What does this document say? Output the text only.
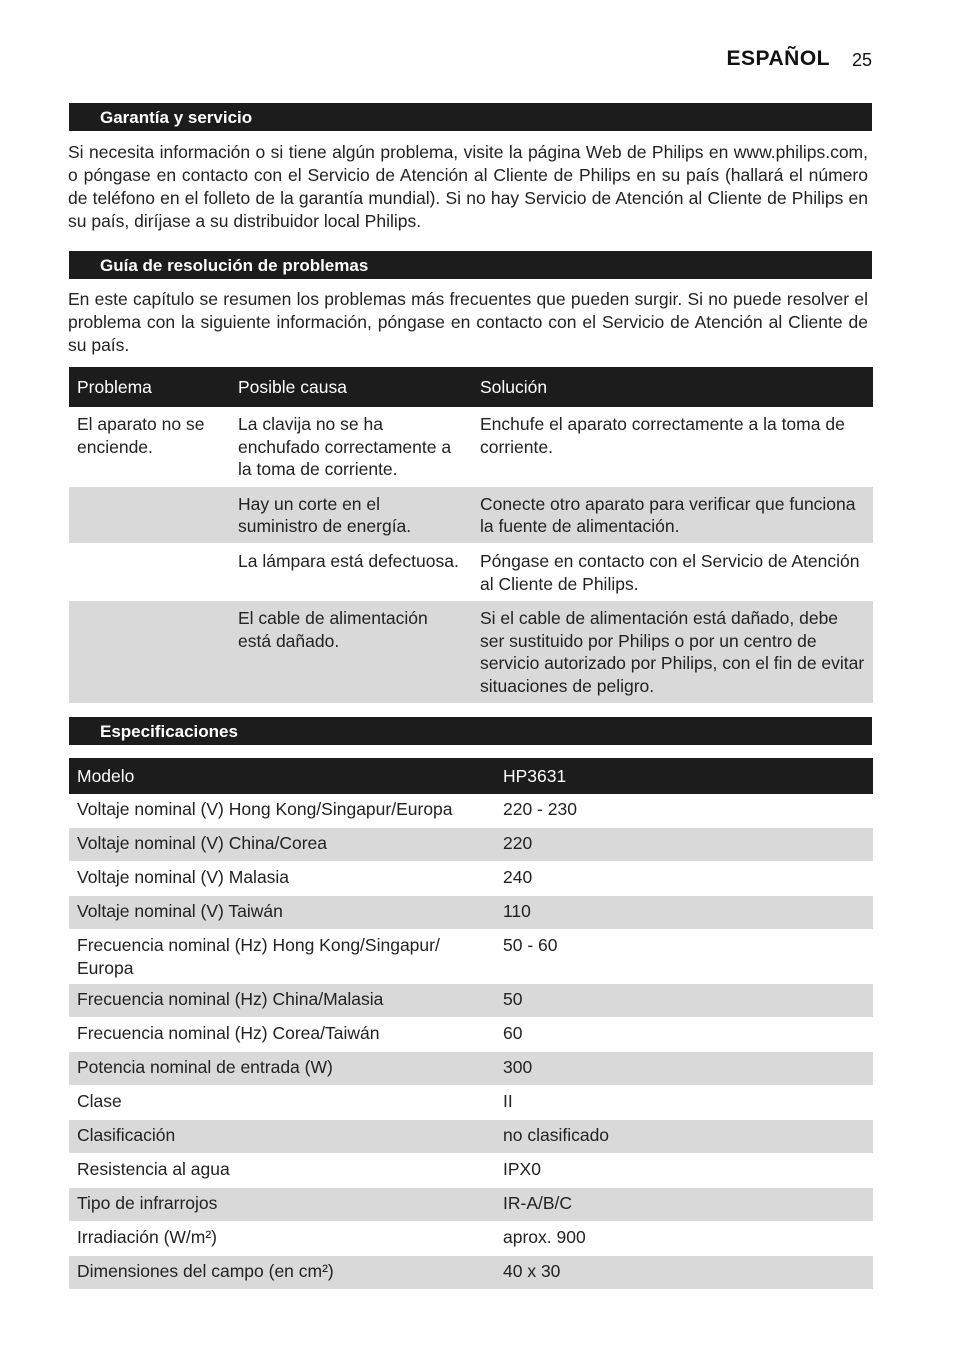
ESPAÑOL 25
Garantía y servicio
Si necesita información o si tiene algún problema, visite la página Web de Philips en www.philips.com, o póngase en contacto con el Servicio de Atención al Cliente de Philips en su país (hallará el número de teléfono en el folleto de la garantía mundial). Si no hay Servicio de Atención al Cliente de Philips en su país, diríjase a su distribuidor local Philips.
Guía de resolución de problemas
En este capítulo se resumen los problemas más frecuentes que pueden surgir. Si no puede resolver el problema con la siguiente información, póngase en contacto con el Servicio de Atención al Cliente de su país.
Problema	Posible causa	Solución
El aparato no se enciende.	La clavija no se ha enchufado correctamente a la toma de corriente.	Enchufe el aparato correctamente a la toma de corriente.
	Hay un corte en el suministro de energía.	Conecte otro aparato para verificar que funciona la fuente de alimentación.
	La lámpara está defectuosa.	Póngase en contacto con el Servicio de Atención al Cliente de Philips.
	El cable de alimentación está dañado.	Si el cable de alimentación está dañado, debe ser sustituido por Philips o por un centro de servicio autorizado por Philips, con el fin de evitar situaciones de peligro.
Especificaciones
Modelo	HP3631
Voltaje nominal (V) Hong Kong/Singapur/Europa	220 - 230
Voltaje nominal (V) China/Corea	220
Voltaje nominal (V) Malasia	240
Voltaje nominal (V) Taiwán	110
Frecuencia nominal (Hz) Hong Kong/Singapur/ Europa	50 - 60
Frecuencia nominal (Hz) China/Malasia	50
Frecuencia nominal (Hz) Corea/Taiwán	60
Potencia nominal de entrada (W)	300
Clase	II
Clasificación	no clasificado
Resistencia al agua	IPX0
Tipo de infrarrojos	IR-A/B/C
Irradiación (W/m²)	aprox. 900
Dimensiones del campo (en cm²)	40 x 30
